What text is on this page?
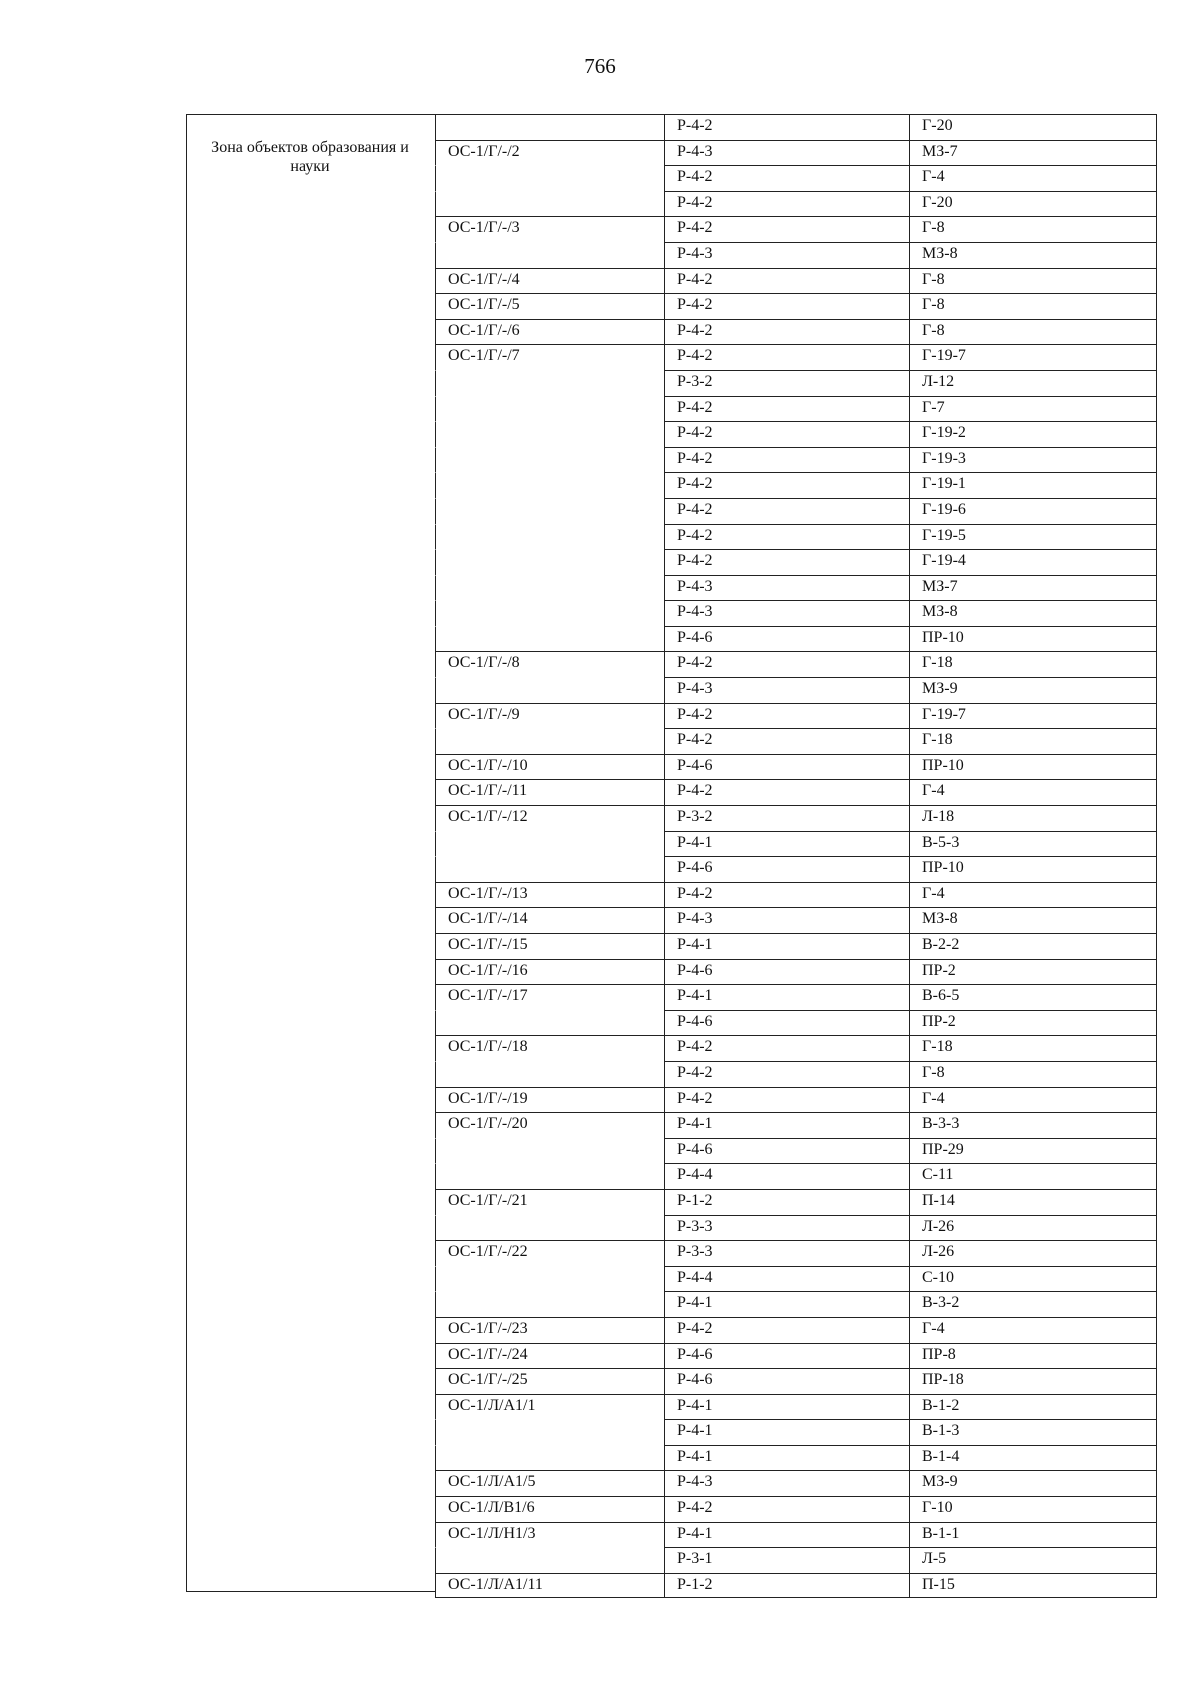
766
Зона объектов образования и науки
Р-4-2	Г-20
ОС-1/Г/-/2	Р-4-3	МЗ-7
Р-4-2	Г-4
Р-4-2	Г-20
ОС-1/Г/-/3	Р-4-2	Г-8
Р-4-3	МЗ-8
ОС-1/Г/-/4	Р-4-2	Г-8
ОС-1/Г/-/5	Р-4-2	Г-8
ОС-1/Г/-/6	Р-4-2	Г-8
ОС-1/Г/-/7	Р-4-2	Г-19-7
Р-3-2	Л-12
Р-4-2	Г-7
Р-4-2	Г-19-2
Р-4-2	Г-19-3
Р-4-2	Г-19-1
Р-4-2	Г-19-6
Р-4-2	Г-19-5
Р-4-2	Г-19-4
Р-4-3	МЗ-7
Р-4-3	МЗ-8
Р-4-6	ПР-10
ОС-1/Г/-/8	Р-4-2	Г-18
Р-4-3	МЗ-9
ОС-1/Г/-/9	Р-4-2	Г-19-7
Р-4-2	Г-18
ОС-1/Г/-/10	Р-4-6	ПР-10
ОС-1/Г/-/11	Р-4-2	Г-4
ОС-1/Г/-/12	Р-3-2	Л-18
Р-4-1	В-5-3
Р-4-6	ПР-10
ОС-1/Г/-/13	Р-4-2	Г-4
ОС-1/Г/-/14	Р-4-3	МЗ-8
ОС-1/Г/-/15	Р-4-1	В-2-2
ОС-1/Г/-/16	Р-4-6	ПР-2
ОС-1/Г/-/17	Р-4-1	В-6-5
Р-4-6	ПР-2
ОС-1/Г/-/18	Р-4-2	Г-18
Р-4-2	Г-8
ОС-1/Г/-/19	Р-4-2	Г-4
ОС-1/Г/-/20	Р-4-1	В-3-3
Р-4-6	ПР-29
Р-4-4	С-11
ОС-1/Г/-/21	Р-1-2	П-14
Р-3-3	Л-26
ОС-1/Г/-/22	Р-3-3	Л-26
Р-4-4	С-10
Р-4-1	В-3-2
ОС-1/Г/-/23	Р-4-2	Г-4
ОС-1/Г/-/24	Р-4-6	ПР-8
ОС-1/Г/-/25	Р-4-6	ПР-18
ОС-1/Л/А1/1	Р-4-1	В-1-2
Р-4-1	В-1-3
Р-4-1	В-1-4
ОС-1/Л/А1/5	Р-4-3	МЗ-9
ОС-1/Л/В1/6	Р-4-2	Г-10
ОС-1/Л/Н1/3	Р-4-1	В-1-1
Р-3-1	Л-5
ОС-1/Л/А1/11	Р-1-2	П-15
